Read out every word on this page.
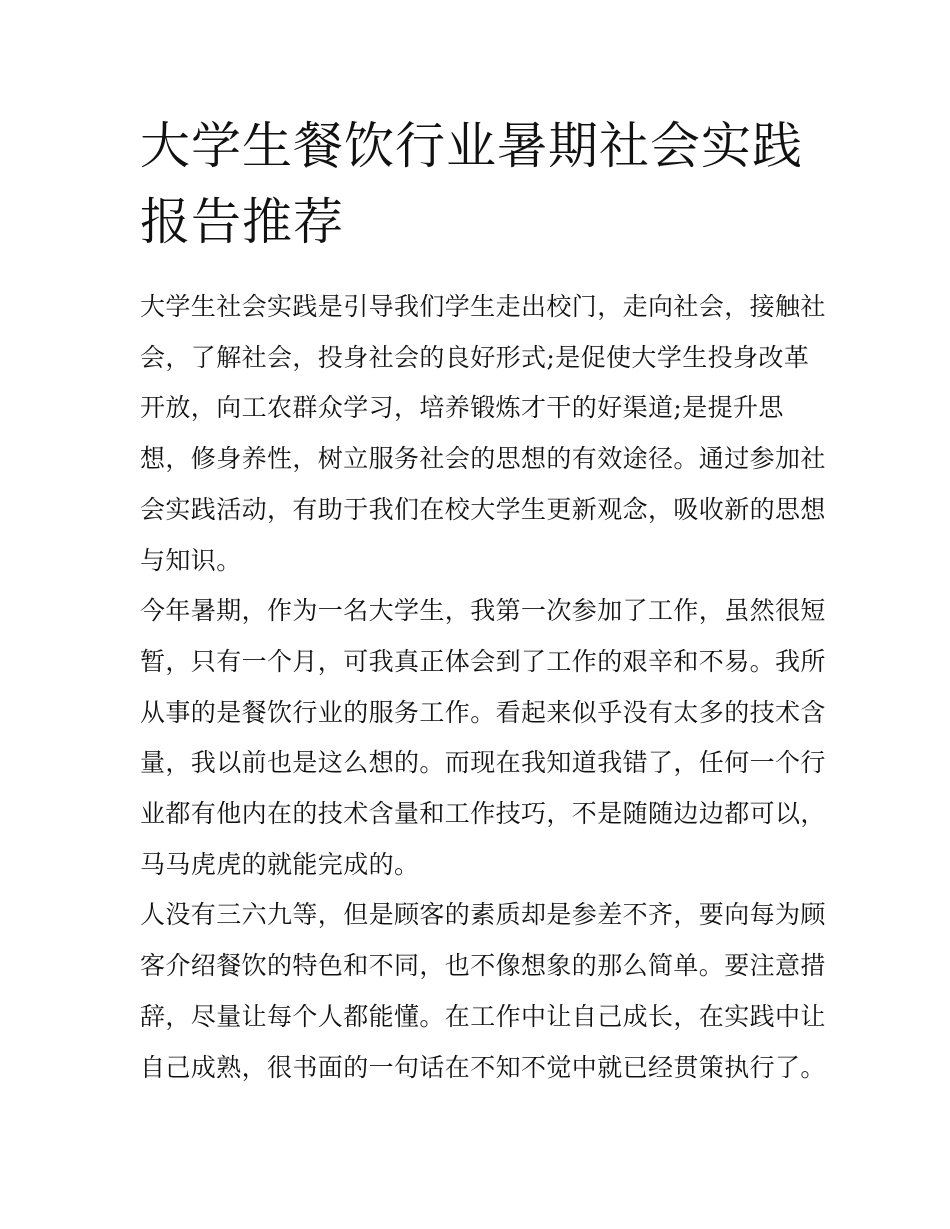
大学生餐饮行业暑期社会实践
报告推荐
大学生社会实践是引导我们学生走出校门，走向社会，接触社
会，了解社会，投身社会的良好形式;是促使大学生投身改革
开放，向工农群众学习，培养锻炼才干的好渠道;是提升思
想，修身养性，树立服务社会的思想的有效途径。通过参加社
会实践活动，有助于我们在校大学生更新观念，吸收新的思想
与知识。
今年暑期，作为一名大学生，我第一次参加了工作，虽然很短
暂，只有一个月，可我真正体会到了工作的艰辛和不易。我所
从事的是餐饮行业的服务工作。看起来似乎没有太多的技术含
量，我以前也是这么想的。而现在我知道我错了，任何一个行
业都有他内在的技术含量和工作技巧，不是随随边边都可以，
马马虎虎的就能完成的。
人没有三六九等，但是顾客的素质却是参差不齐，要向每为顾
客介绍餐饮的特色和不同，也不像想象的那么简单。要注意措
辞，尽量让每个人都能懂。在工作中让自己成长，在实践中让
自己成熟，很书面的一句话在不知不觉中就已经贯策执行了。
